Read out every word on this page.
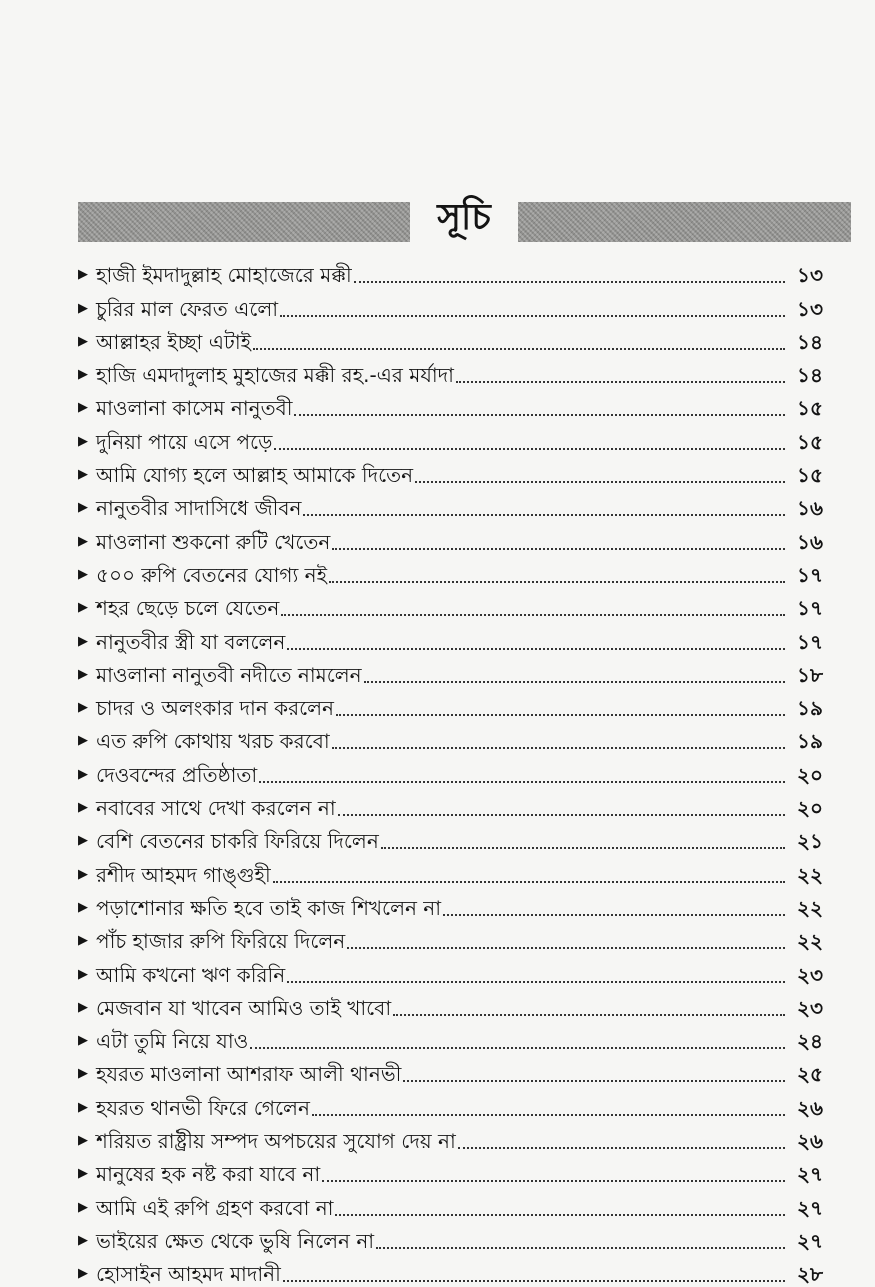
সূচি
▶ হাজী ইমদাদুল্লাহ মোহাজেরে মক্কী	১৩
▶ চুরির মাল ফেরত এলো	১৩
▶ আল্লাহর ইচ্ছা এটাই	১৪
▶ হাজি এমদাদুলাহ মুহাজের মক্কী রহ.-এর মর্যাদা	১৪
▶ মাওলানা কাসেম নানুতবী	১৫
▶ দুনিয়া পায়ে এসে পড়ে	১৫
▶ আমি যোগ্য হলে আল্লাহ আমাকে দিতেন	১৫
▶ নানুতবীর সাদাসিধে জীবন	১৬
▶ মাওলানা শুকনো রুটি খেতেন	১৬
▶ ৫০০ রুপি বেতনের যোগ্য নই	১৭
▶ শহর ছেড়ে চলে যেতেন	১৭
▶ নানুতবীর স্ত্রী যা বললেন	১৭
▶ মাওলানা নানুতবী নদীতে নামলেন	১৮
▶ চাদর ও অলংকার দান করলেন	১৯
▶ এত রুপি কোথায় খরচ করবো	১৯
▶ দেওবন্দের প্রতিষ্ঠাতা	২০
▶ নবাবের সাথে দেখা করলেন না	২০
▶ বেশি বেতনের চাকরি ফিরিয়ে দিলেন	২১
▶ রশীদ আহমদ গাঙ্গুহী	২২
▶ পড়াশোনার ক্ষতি হবে তাই কাজ শিখলেন না	২২
▶ পাঁচ হাজার রুপি ফিরিয়ে দিলেন	২২
▶ আমি কখনো ঋণ করিনি	২৩
▶ মেজবান যা খাবেন আমিও তাই খাবো	২৩
▶ এটা তুমি নিয়ে যাও	২৪
▶ হযরত মাওলানা আশরাফ আলী থানভী	২৫
▶ হযরত থানভী ফিরে গেলেন	২৬
▶ শরিয়ত রাষ্ট্রীয় সম্পদ অপচয়ের সুযোগ দেয় না	২৬
▶ মানুষের হক নষ্ট করা যাবে না	২৭
▶ আমি এই রুপি গ্রহণ করবো না	২৭
▶ ভাইয়ের ক্ষেত থেকে ভুষি নিলেন না	২৭
▶ হোসাইন আহমদ মাদানী	২৮
